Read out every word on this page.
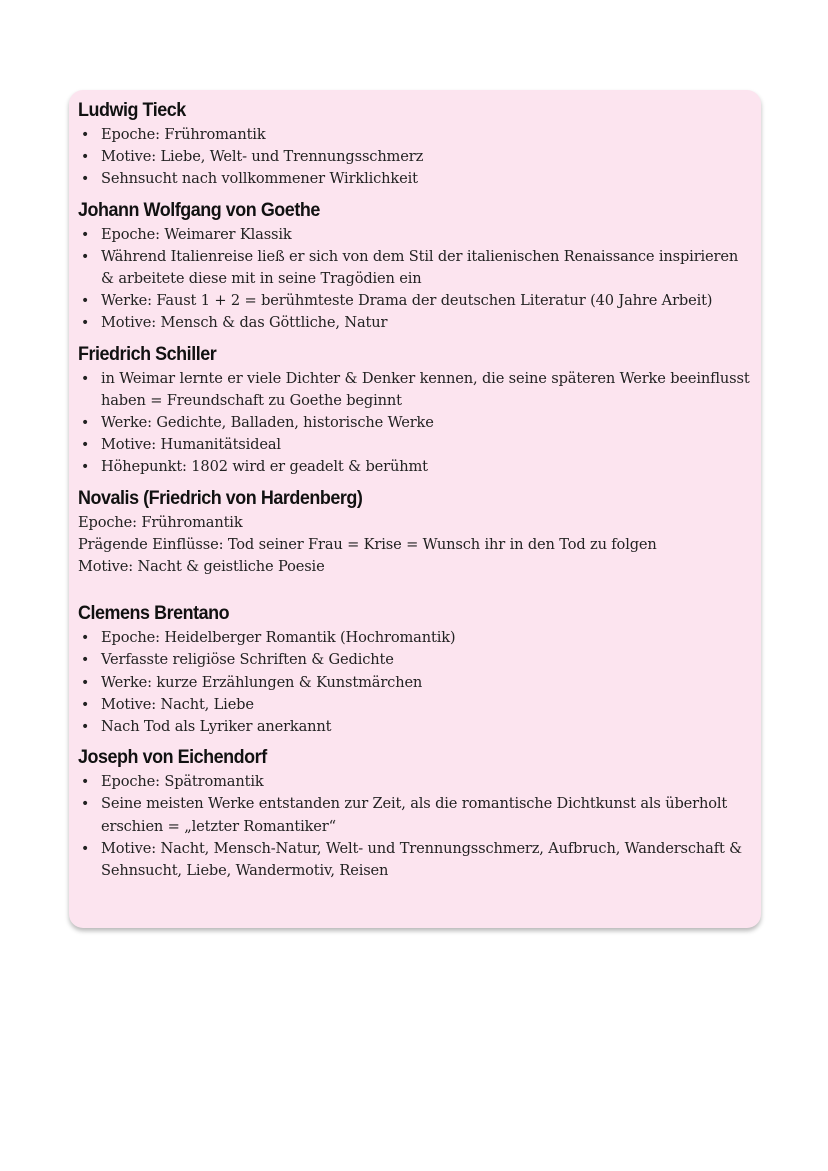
Ludwig Tieck
• Epoche: Frühromantik
• Motive: Liebe, Welt- und Trennungsschmerz
• Sehnsucht nach vollkommener Wirklichkeit
Johann Wolfgang von Goethe
• Epoche: Weimarer Klassik
• Während Italienreise ließ er sich von dem Stil der italienischen Renaissance inspirieren & arbeitete diese mit in seine Tragödien ein
• Werke: Faust 1 + 2 = berühmteste Drama der deutschen Literatur (40 Jahre Arbeit)
• Motive: Mensch & das Göttliche, Natur
Friedrich Schiller
• in Weimar lernte er viele Dichter & Denker kennen, die seine späteren Werke beeinflusst haben = Freundschaft zu Goethe beginnt
• Werke: Gedichte, Balladen, historische Werke
• Motive: Humanitätsideal
• Höhepunkt: 1802 wird er geadelt & berühmt
Novalis (Friedrich von Hardenberg)
Epoche: Frühromantik
Prägende Einflüsse: Tod seiner Frau = Krise = Wunsch ihr in den Tod zu folgen
Motive: Nacht & geistliche Poesie
Clemens Brentano
• Epoche: Heidelberger Romantik (Hochromantik)
• Verfasste religiöse Schriften & Gedichte
• Werke: kurze Erzählungen & Kunstmärchen
• Motive: Nacht, Liebe
• Nach Tod als Lyriker anerkannt
Joseph von Eichendorf
• Epoche: Spätromantik
• Seine meisten Werke entstanden zur Zeit, als die romantische Dichtkunst als überholt erschien = „letzter Romantiker“
• Motive: Nacht, Mensch-Natur, Welt- und Trennungsschmerz, Aufbruch, Wanderschaft & Sehnsucht, Liebe, Wandermotiv, Reisen
